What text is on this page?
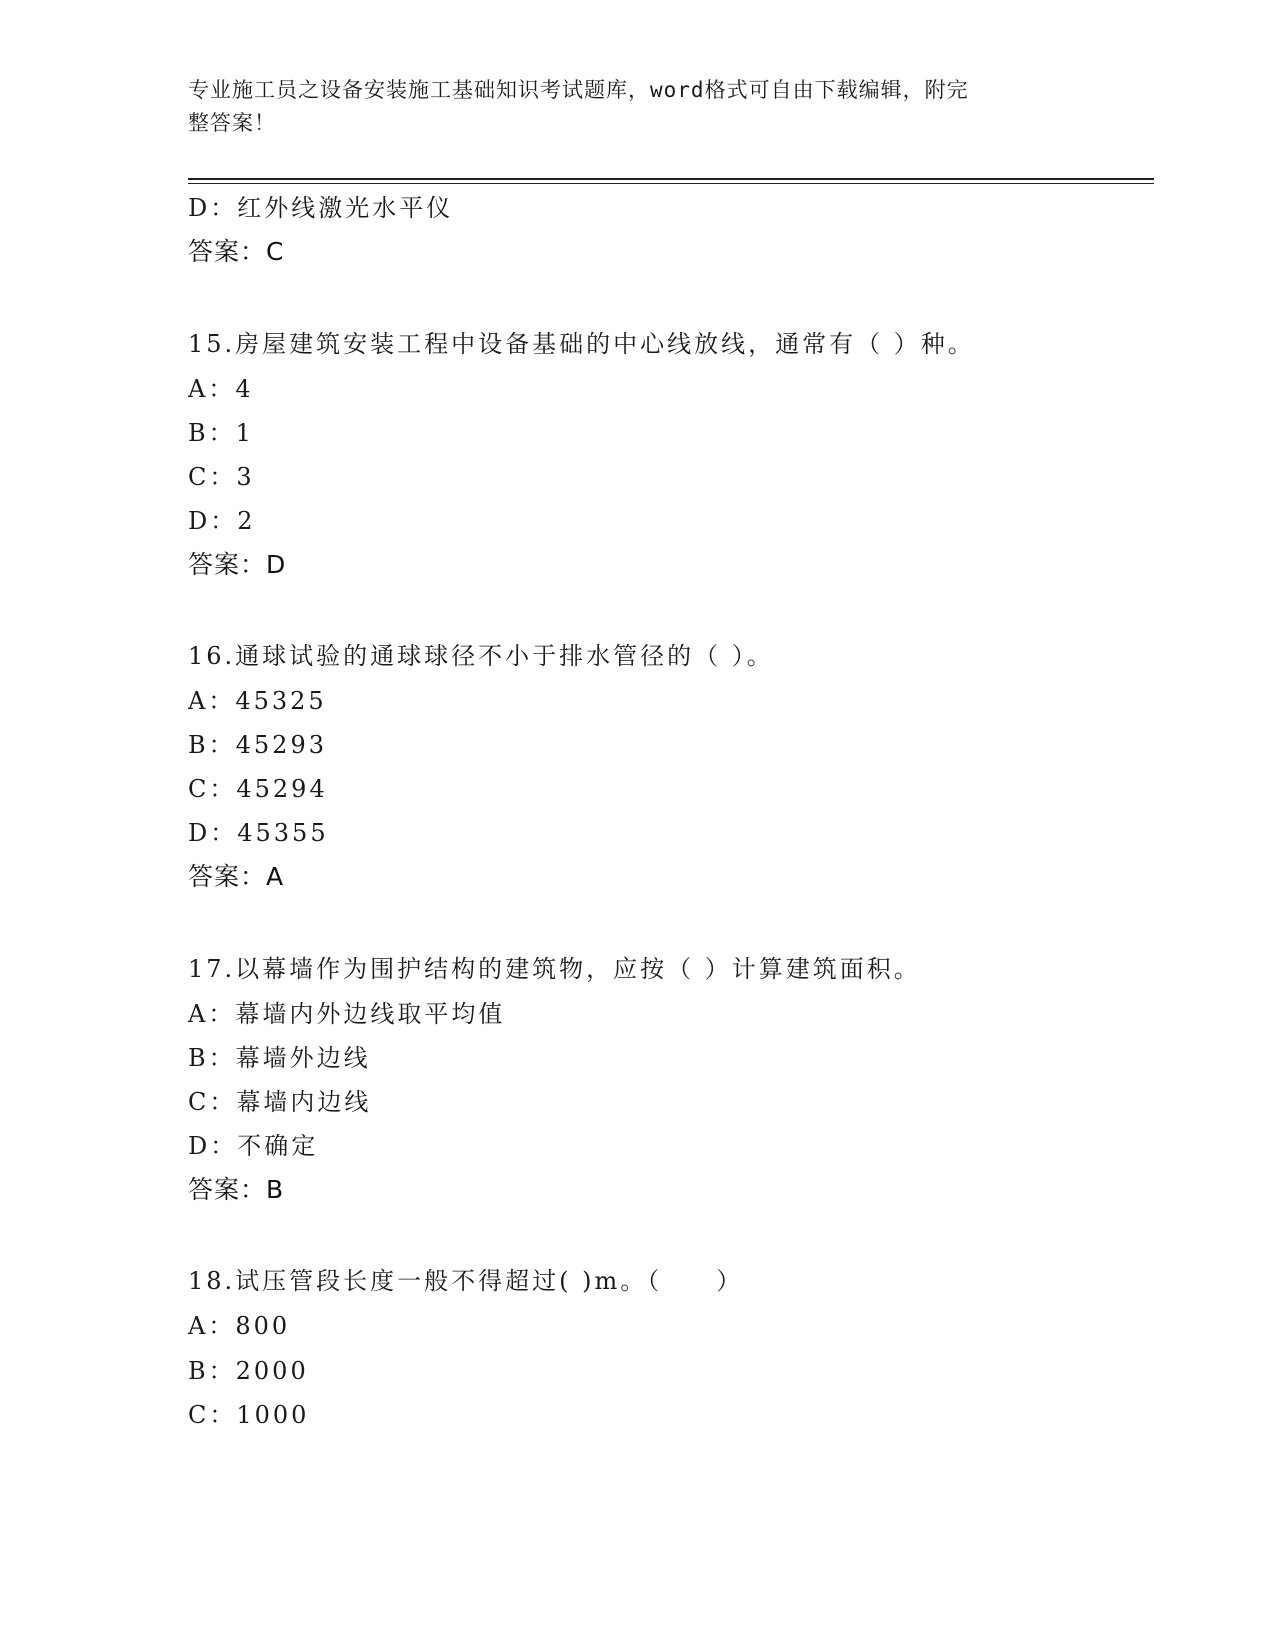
专业施工员之设备安装施工基础知识考试题库，word格式可自由下载编辑，附完
整答案！
D：红外线激光水平仪
答案：C
15.房屋建筑安装工程中设备基础的中心线放线，通常有（ ）种。
A：4
B：1
C：3
D：2
答案：D
16.通球试验的通球球径不小于排水管径的（ ）。
A：45325
B：45293
C：45294
D：45355
答案：A
17.以幕墙作为围护结构的建筑物，应按（ ）计算建筑面积。
A：幕墙内外边线取平均值
B：幕墙外边线
C：幕墙内边线
D：不确定
答案：B
18.试压管段长度一般不得超过( )m。（　　）
A：800
B：2000
C：1000
